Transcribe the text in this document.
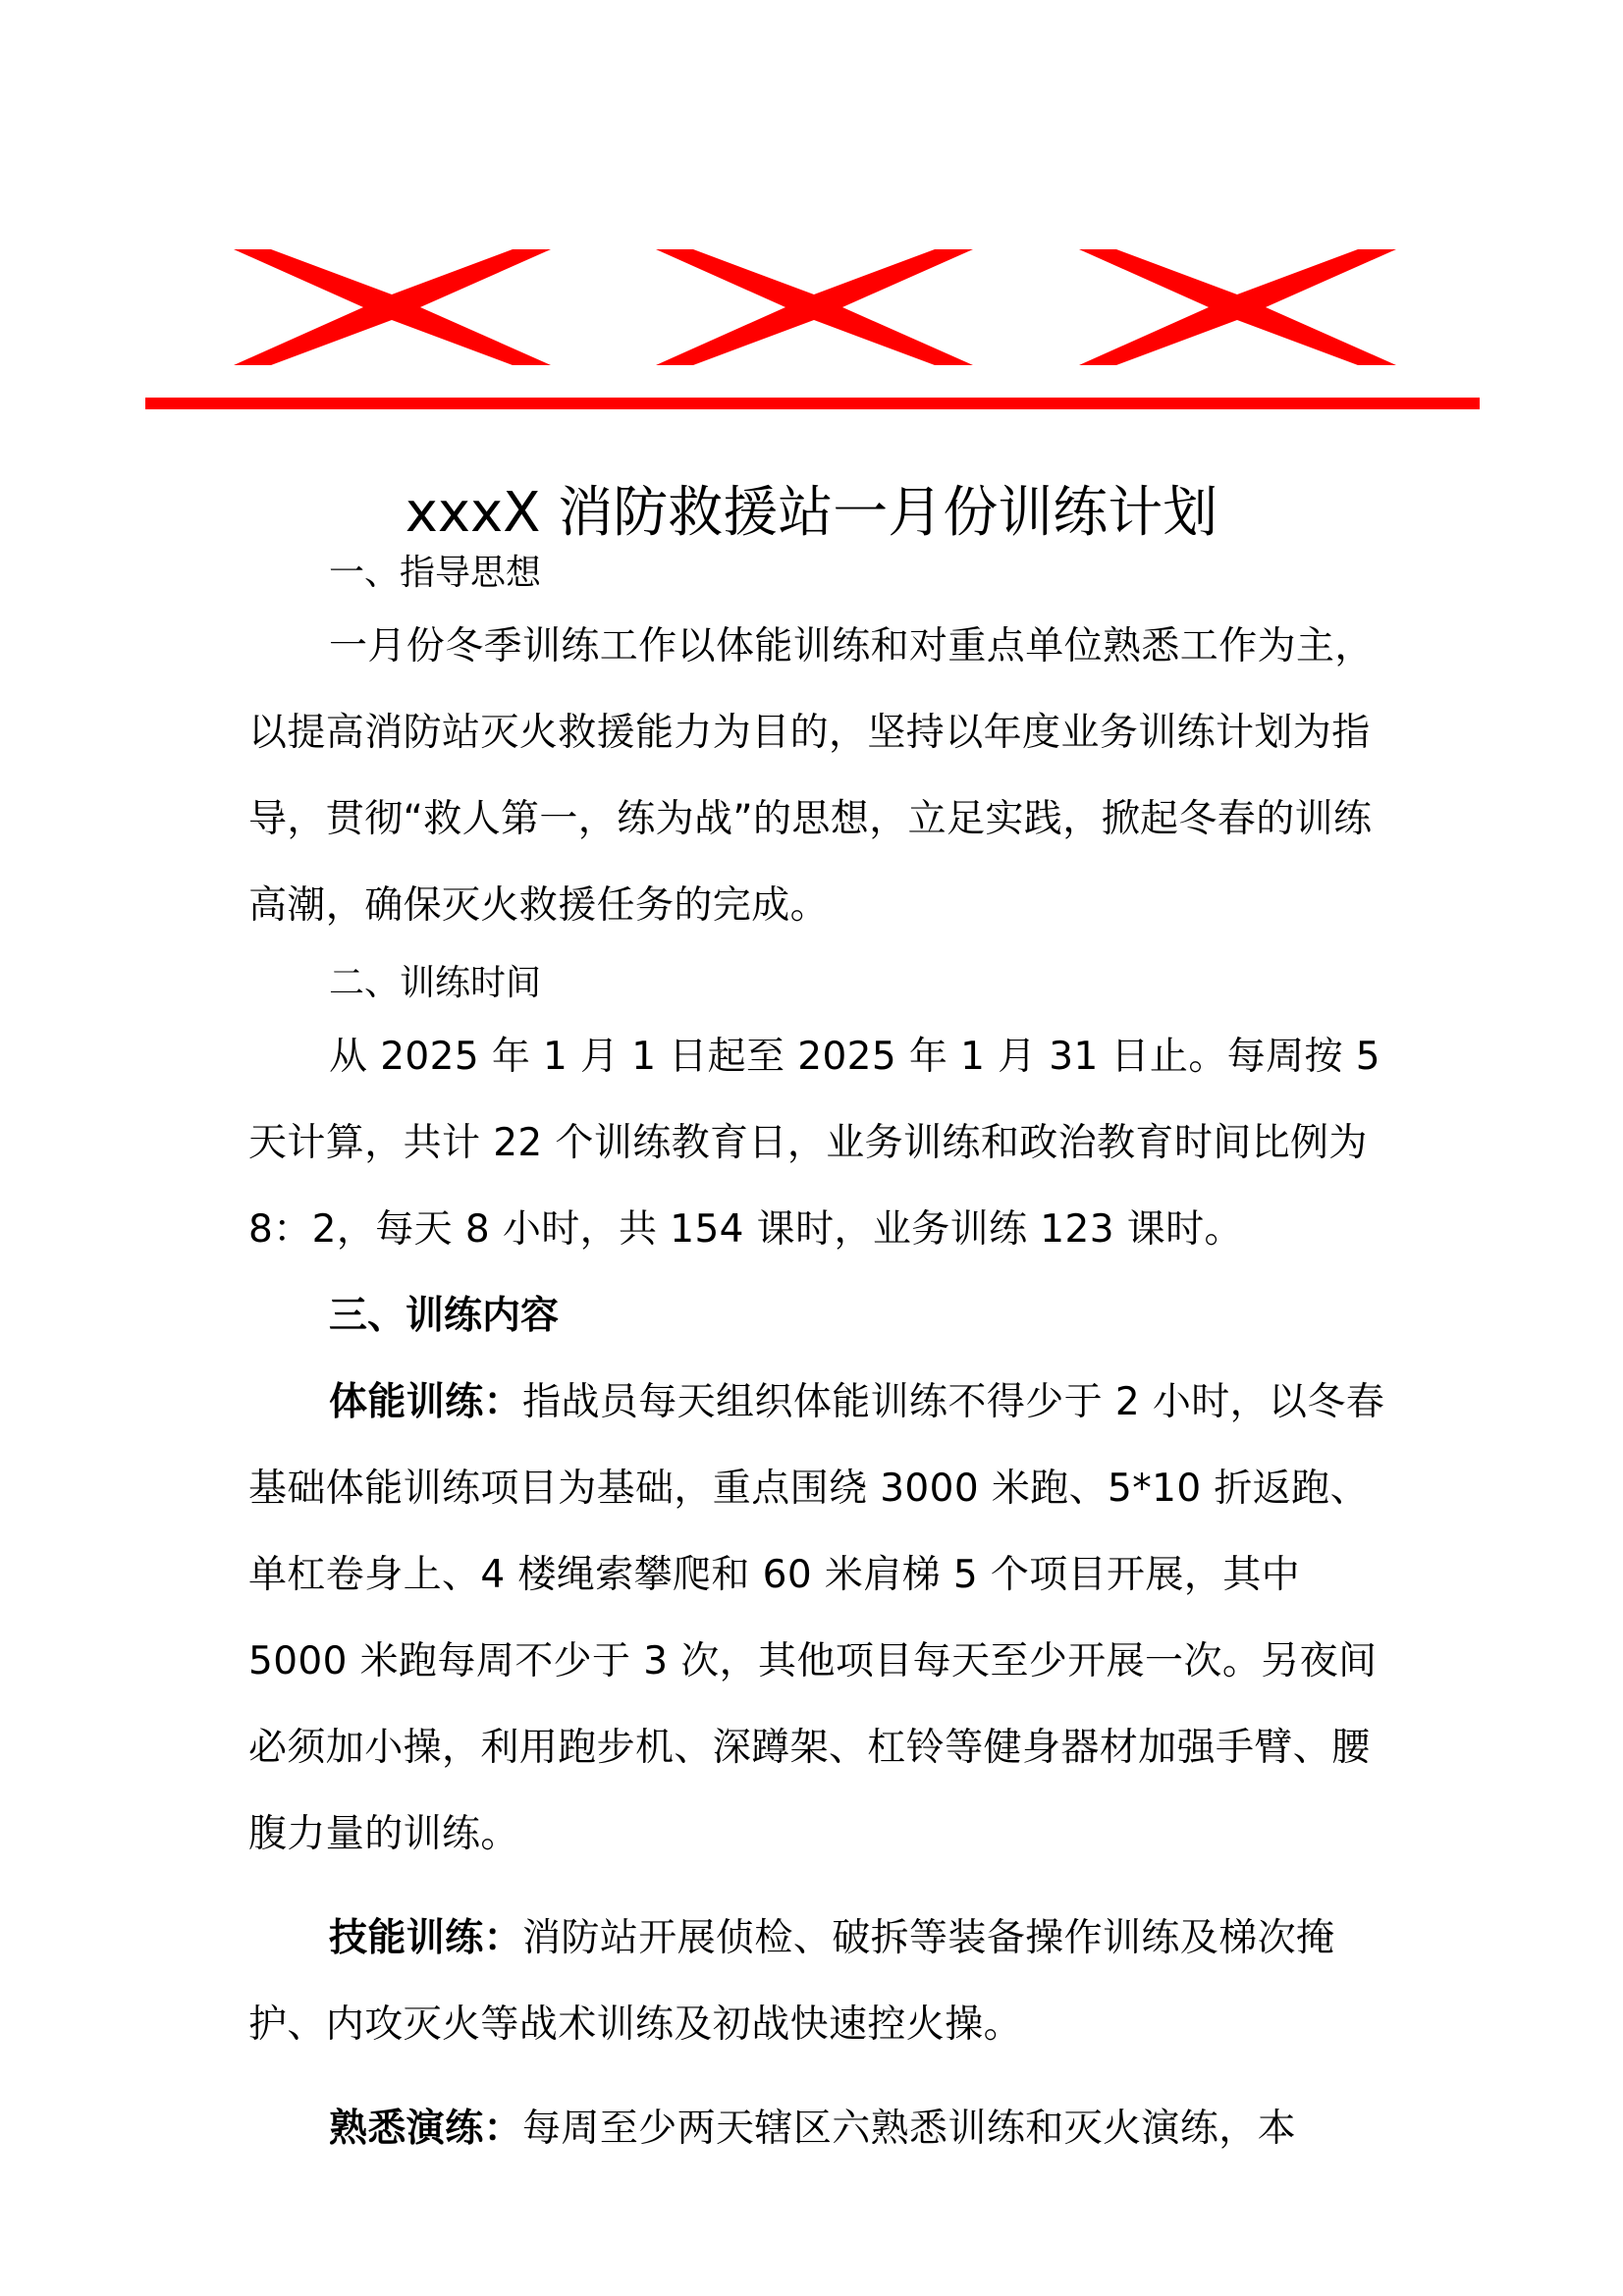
xxxX 消防救援站一月份训练计划

一、指导思想

一月份冬季训练工作以体能训练和对重点单位熟悉工作为主，以提高消防站灭火救援能力为目的，坚持以年度业务训练计划为指导，贯彻“救人第一，练为战”的思想，立足实践，掀起冬春的训练高潮，确保灭火救援任务的完成。

二、训练时间

从 2025 年 1 月 1 日起至 2025 年 1 月 31 日止。每周按 5 天计算，共计 22 个训练教育日，业务训练和政治教育时间比例为 8：2，每天 8 小时，共 154 课时，业务训练 123 课时。

三、训练内容

体能训练：指战员每天组织体能训练不得少于 2 小时，以冬春基础体能训练项目为基础，重点围绕 3000 米跑、5*10 折返跑、单杠卷身上、4 楼绳索攀爬和 60 米肩梯 5 个项目开展，其中 5000 米跑每周不少于 3 次，其他项目每天至少开展一次。另夜间必须加小操，利用跑步机、深蹲架、杠铃等健身器材加强手臂、腰腹力量的训练。

技能训练：消防站开展侦检、破拆等装备操作训练及梯次掩护、内攻灭火等战术训练及初战快速控火操。

熟悉演练：每周至少两天辖区六熟悉训练和灭火演练，本
